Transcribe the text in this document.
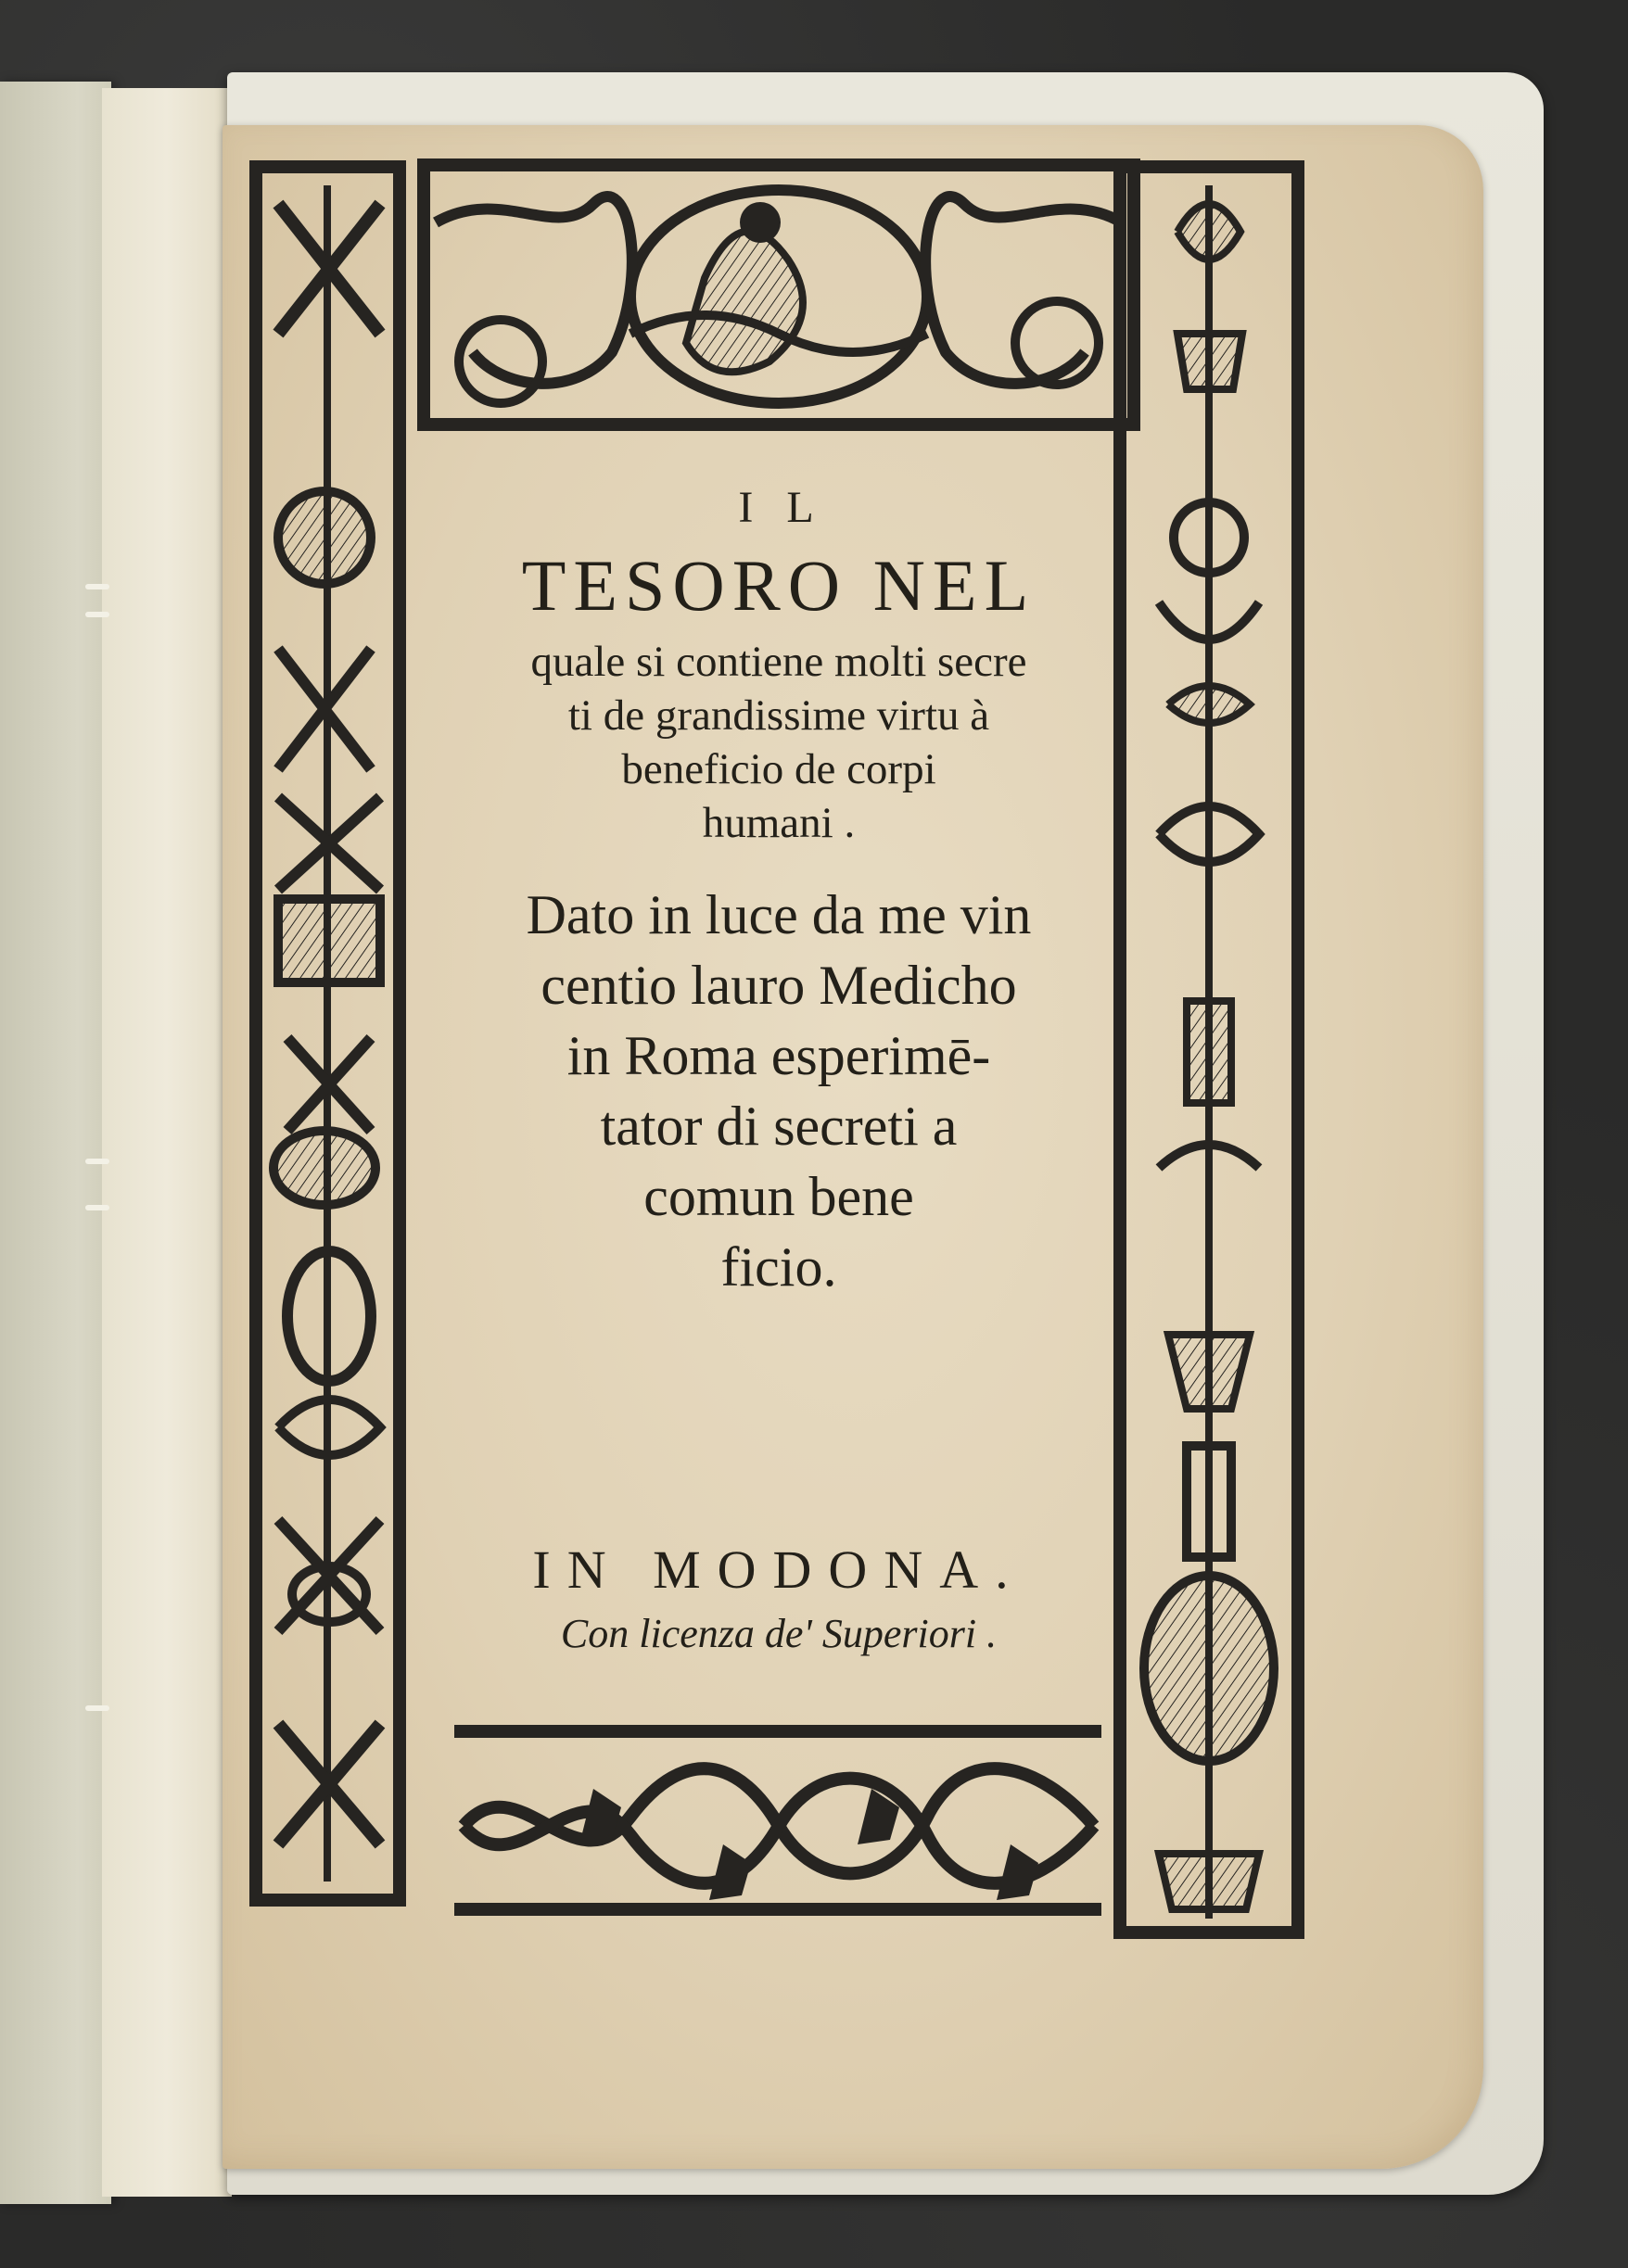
IL
TESORO NEL
quale si contiene molti secre
ti de grandissime virtu à
beneficio de corpi
humani .
Dato in luce da me vin
centio lauro Medicho
in Roma esperimē-
tator di secreti a
comun bene
ficio.
IN MODONA.
Con licenza de' Superiori .
